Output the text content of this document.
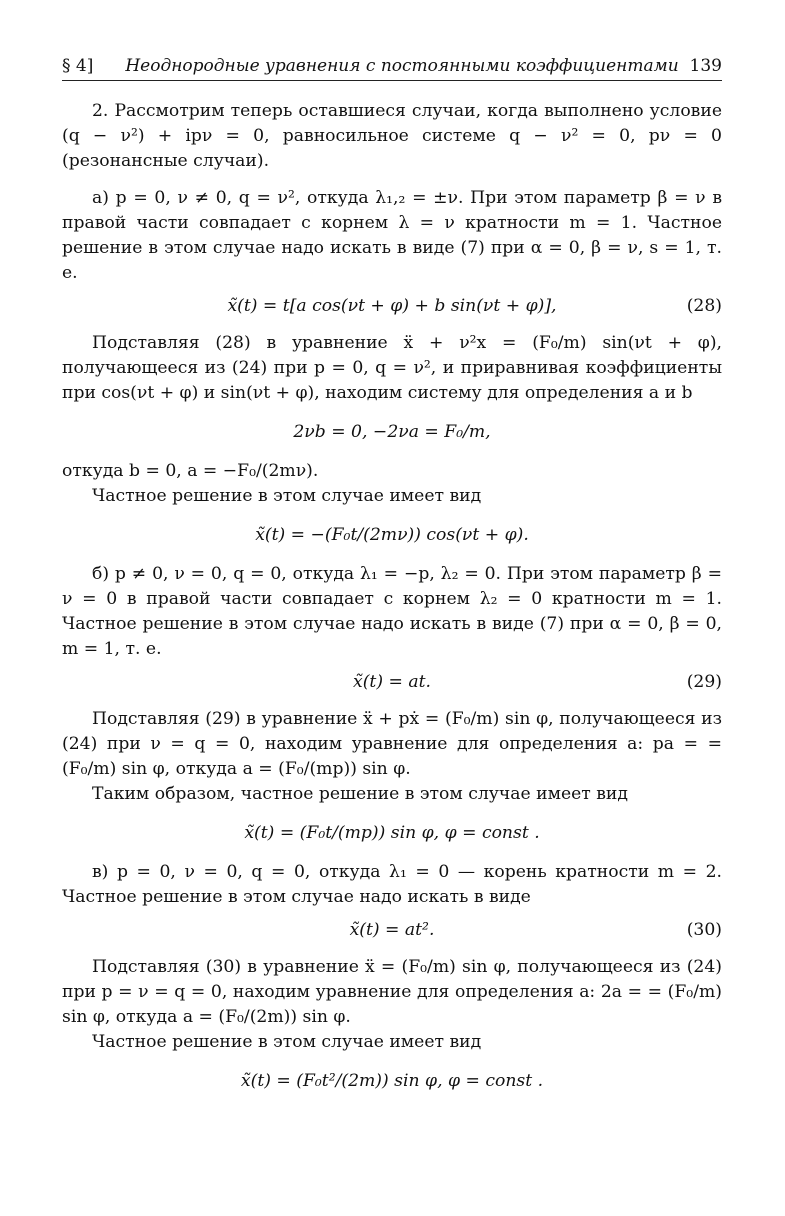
§ 4]	Неоднородные уравнения с постоянными коэффициентами 139

2. Рассмотрим теперь оставшиеся случаи, когда выполнено условие (q − ν²) + ipν = 0, равносильное системе q − ν² = 0, pν = 0 (резонансные случаи).

а) p = 0, ν ≠ 0, q = ν², откуда λ₁,₂ = ±ν. При этом параметр β = ν в правой части совпадает с корнем λ = ν кратности m = 1. Частное решение в этом случае надо искать в виде (7) при α = 0, β = ν, s = 1, т. е.

x̃(t) = t[a cos(νt + φ) + b sin(νt + φ)],	(28)

Подставляя (28) в уравнение ẍ + ν²x = (F₀/m) sin(νt + φ), получающееся из (24) при p = 0, q = ν², и приравнивая коэффициенты при cos(νt + φ) и sin(νt + φ), находим систему для определения a и b

2νb = 0, −2νa = F₀/m,

откуда b = 0, a = −F₀/(2mν).

Частное решение в этом случае имеет вид

x̃(t) = −(F₀t/(2mν)) cos(νt + φ).

б) p ≠ 0, ν = 0, q = 0, откуда λ₁ = −p, λ₂ = 0. При этом параметр β = ν = 0 в правой части совпадает с корнем λ₂ = 0 кратности m = 1. Частное решение в этом случае надо искать в виде (7) при α = 0, β = 0, m = 1, т. е.

x̃(t) = at.	(29)

Подставляя (29) в уравнение ẍ + pẋ = (F₀/m) sin φ, получающееся из (24) при ν = q = 0, находим уравнение для определения a: pa = = (F₀/m) sin φ, откуда a = (F₀/(mp)) sin φ.

Таким образом, частное решение в этом случае имеет вид

x̃(t) = (F₀t/(mp)) sin φ, φ = const .

в) p = 0, ν = 0, q = 0, откуда λ₁ = 0 — корень кратности m = 2. Частное решение в этом случае надо искать в виде

x̃(t) = at².	(30)

Подставляя (30) в уравнение ẍ = (F₀/m) sin φ, получающееся из (24) при p = ν = q = 0, находим уравнение для определения a: 2a = = (F₀/m) sin φ, откуда a = (F₀/(2m)) sin φ.

Частное решение в этом случае имеет вид

x̃(t) = (F₀t²/(2m)) sin φ, φ = const .
